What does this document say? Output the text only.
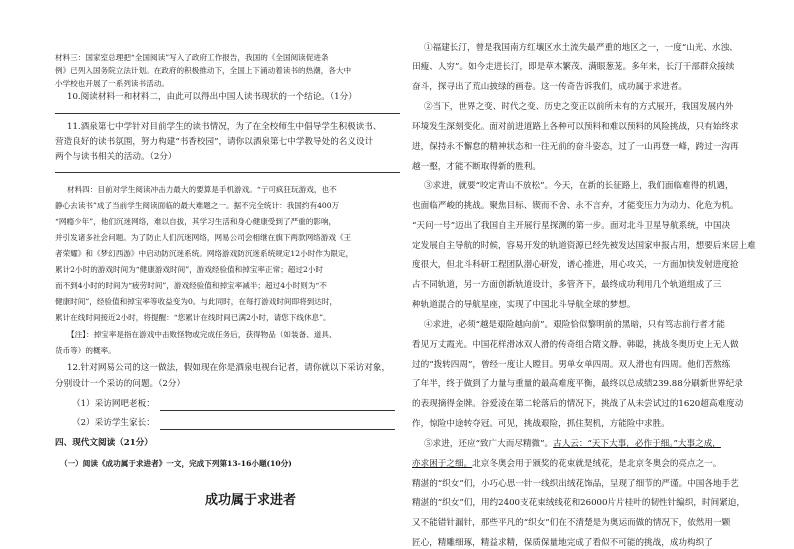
材料三：国家室总理把“全国阅读”写入了政府工作报告，我国的《全国阅读促进条
例》已列入国务院立法计划。在政府的积极推动下，全国上下涌动着读书的热潮，各大中
小学校也开展了一系列读书活动。
10.阅读材料一和材料二，由此可以得出中国人读书现状的一个结论。（1分）
11.酒泉第七中学针对目前学生的读书情况，为了在全校师生中倡导学生积极读书、
营造良好的读书氛围，努力构建“书香校园”，请你以酒泉第七中学教导处的名义设计
两个与读书相关的活动。（2分）
材料四：目前对学生阅读冲击力最大的要算是手机游戏。“亍可疯狂玩游戏，也不
静心去读书”成了当前学生阅读面临的最大难题之一。据不完全统计：我国约有400万
“网瘾少年”，他们沉迷网络，难以自拔，其学习生活和身心健康受到了严重的影响，
并引发诸多社会问题。为了防止人们沉迷网络，网易公司会相继在旗下两款网络游戏《王
者荣耀》和《梦幻西游》中启动防沉迷系统。网络游戏防沉迷系统规定12小时作为限定，
累计2小时的游戏时间为“健康游戏时间”，游戏经验值和掉宝率正常；超过2小时
而不到4小时的时间为“疲劳时间”，游戏经验值和掉宝率减半；超过4小时则为“不
健康时间”，经验值和掉宝率等收益变为0。与此同时，在每打游戏时间即将到达时，
累计在线时间接近2小时，将提醒：“您累计在线时间已满2小时，请您下线休息”。
【注】：掉宝率是指在游戏中击败怪物或完成任务后，获得物品（如装备、道具、
货币等）的概率。
12.针对网易公司的这一做法，假如现在你是酒泉电视台记者，请你就以下采访对象，
分别设计一个采访的问题。（2分）
（1）采访网吧老板：
（2）采访学生家长：
四、现代文阅读（21分）
（一）阅读《成功属于求进者》一文，完成下列第13-16小题(10分)
成功属于求进者
①福建长汀，曾是我国南方红壤区水土流失最严重的地区之一，一度“山光、水浊、
田瘦、人穷”。如今走进长汀，即是草木繁茂、满眼葱茏。多年来，长汀干部群众接续
奋斗，探寻出了荒山披绿的画卷。这一传奇告诉我们，成功属于求进者。
②当下，世界之变、时代之变、历史之变正以前所未有的方式展开，我国发展内外
环境发生深刻变化。面对前进道路上各种可以预料和难以预料的风险挑战，只有始终求
进，保持永不懈怠的精神状态和一往无前的奋斗姿态，过了一山再登一峰，跨过一沟再
越一壑，才能不断取得新的胜利。
③求进，就要“咬定青山不放松”。今天，在新的长征路上，我们面临难得的机遇，
也面临严峻的挑战。聚焦目标、锲而不舍、永不言弃，才能变压力为动力、化危为机。
“天问一号”迈出了我国自主开展行星探测的第一步。面对北斗卫星导航系统，中国决
定发展自主导航的时候，容易开发的轨道资源已经先被发达国家申报占用，想要后来居上难
度很大，但北斗科研工程团队潜心研发，谱心推进，用心攻关，一方面加快发射进度抢
占不同轨道，另一方面创新轨道设计，多管齐下，最终成功利用几个轨道组成了三
种轨道混合的导航星座，实现了中国北斗导航全球的梦想。
④求进，必须“越是艰险越向前”。艰险恰似黎明前的黑暗，只有笃志前行者才能
看见万丈霞光。中国花样滑冰双人滑的传奇组合隋文静、韩聪，挑战冬奥历史上无人做
过的“拨转四周”，曾经一度让人瞠目。男单女单四周。双人滑也有四周。他们苦熬练
了年半，终于做到了力量与重量的最高难度平衡，最终以总成绩239.88分刷新世界纪录
的表现摘得金牌。谷爱凌在第二轮落后的情况下，挑战了从未尝试过的1620超高难度动
作，惊险中途转夺冠。可见，挑战艰险，抓住契机，方能险中求胜。
⑤求进，还应“致广大而尽精微”。古人云：“天下大事，必作于细。”大事之成，
亦求困于之细。北京冬奥会用于颁奖的花束就是绒花，是北京冬奥会的亮点之一。
精湛的“织女”们，小巧心思一针一线织出绒花饰品，呈现了细节的严谨。中国各地手艺
精湛的“织女”们，用约2400支花束绒线花和26000片片桂叶的韧性针编织，时间紧迫，
又不能错针漏针，那些平凡的“织女”们在不清楚是为奥运而做的情况下，依然用一颗
匠心，精雕细琢，精益求精，保质保量地完成了看似不可能的挑战，成功构织了
